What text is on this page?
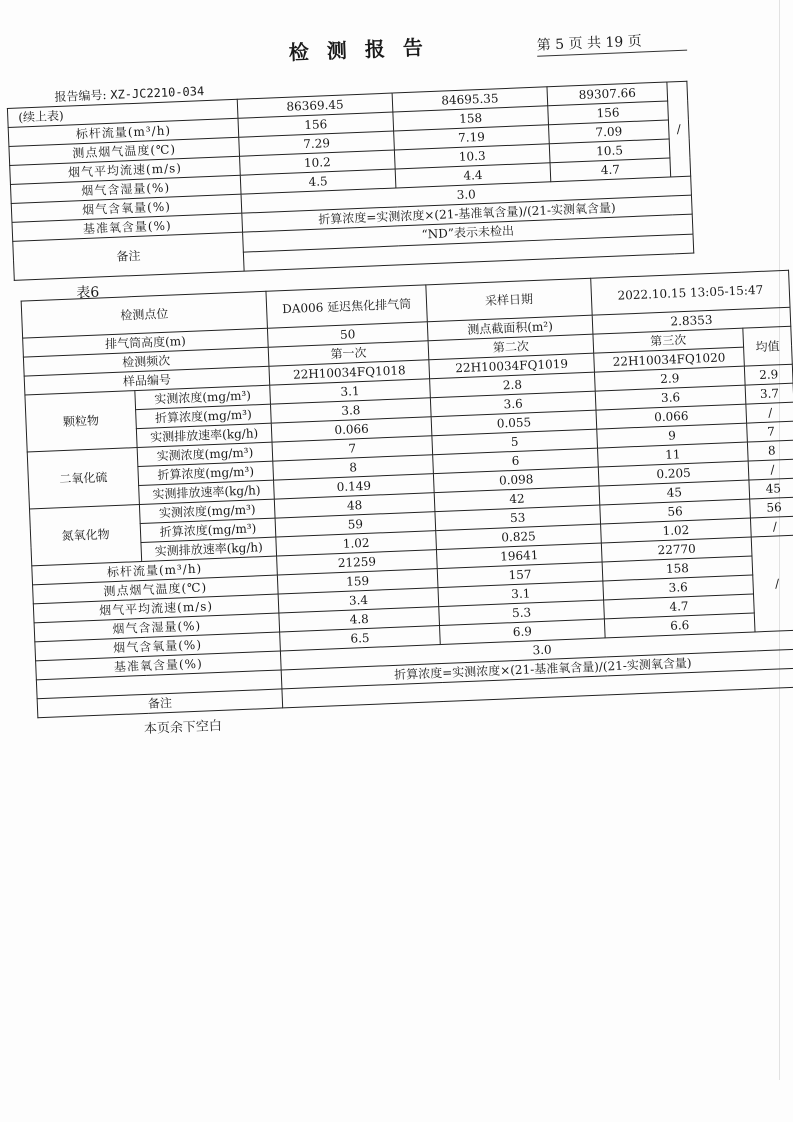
检测报告	第 5 页 共 19 页
报告编号: XZ-JC2210-034
(续上表)	86369.45	84695.35	89307.66	/
标杆流量(m³/h)	156	158	156	
测点烟气温度(℃)	7.29	7.19	7.09	
烟气平均流速(m/s)	10.2	10.3	10.5	
烟气含湿量(%)	4.5	4.4	4.7	
烟气含氧量(%)	3.0			
基准氧含量(%)	折算浓度=实测浓度×(21-基准氧含量)/(21-实测氧含量)			
备注	“ND”表示未检出			

表6
检测点位		DA006 延迟焦化排气筒	采样日期	2022.10.15 13:05-15:47	
排气筒高度(m)		50	测点截面积(m²)	2.8353	
检测频次		第一次	第二次	第三次	均值
样品编号		22H10034FQ1018	22H10034FQ1019	22H10034FQ1020	
颗粒物	实测浓度(mg/m³)	3.1	2.8	2.9	2.9
	折算浓度(mg/m³)	3.8	3.6	3.6	3.7
	实测排放速率(kg/h)	0.066	0.055	0.066	/
二氧化硫	实测浓度(mg/m³)	7	5	9	7
	折算浓度(mg/m³)	8	6	11	8
	实测排放速率(kg/h)	0.149	0.098	0.205	/
氮氧化物	实测浓度(mg/m³)	48	42	45	45
	折算浓度(mg/m³)	59	53	56	56
	实测排放速率(kg/h)	1.02	0.825	1.02	/
标杆流量(m³/h)		21259	19641	22770	/
测点烟气温度(℃)		159	157	158	
烟气平均流速(m/s)		3.4	3.1	3.6	
烟气含湿量(%)		4.8	5.3	4.7	
烟气含氧量(%)		6.5	6.9	6.6	
基准氧含量(%)		3.0			
		折算浓度=实测浓度×(21-基准氧含量)/(21-实测氧含量)			
备注					
本页余下空白
